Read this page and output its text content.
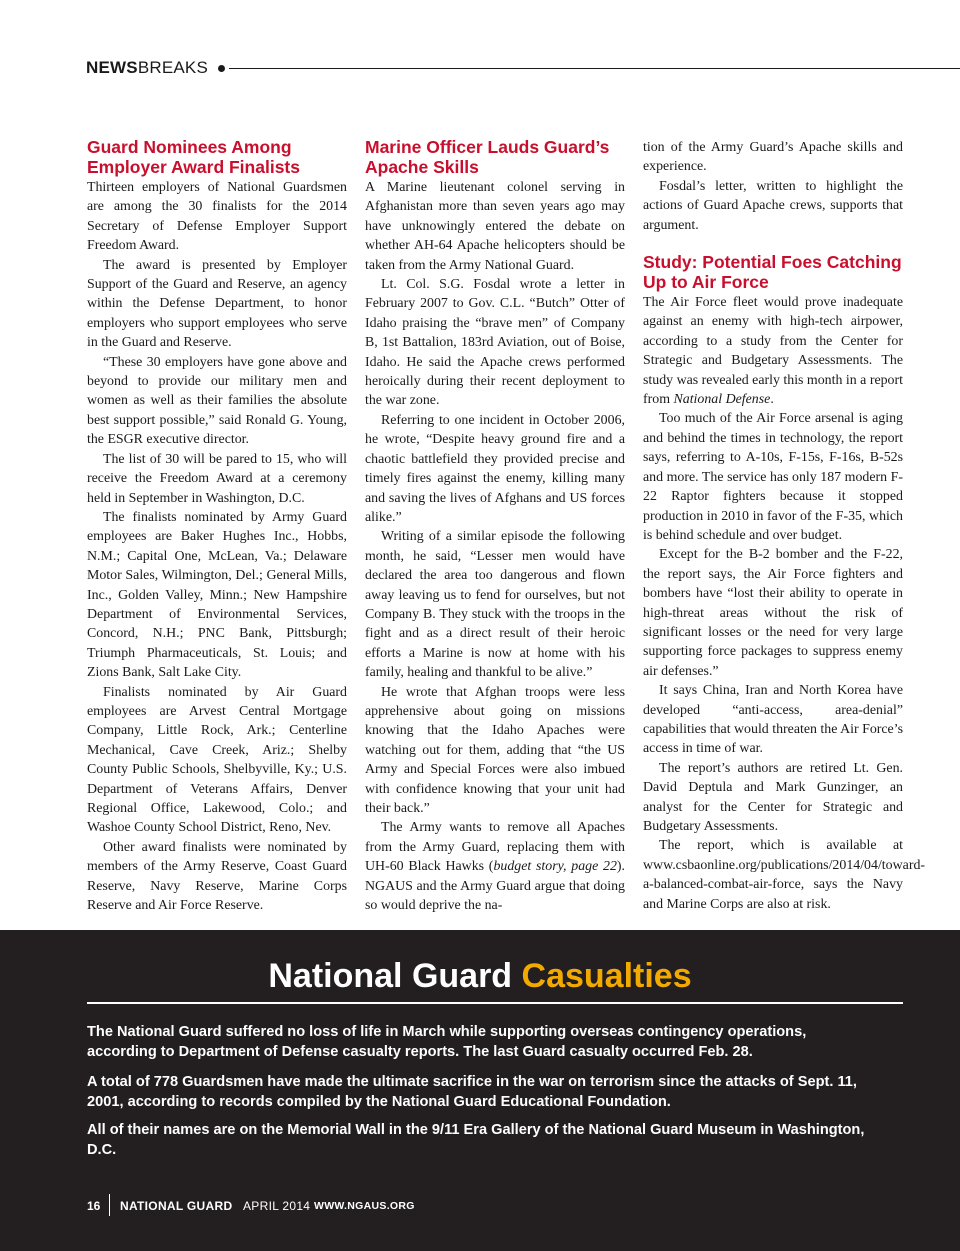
NEWSBREAKS
Guard Nominees Among Employer Award Finalists

Thirteen employers of National Guardsmen are among the 30 finalists for the 2014 Secretary of Defense Employer Support Freedom Award.

The award is presented by Employer Support of the Guard and Reserve, an agency within the Defense Department, to honor employers who support employees who serve in the Guard and Reserve.

“These 30 employers have gone above and beyond to provide our military men and women as well as their families the absolute best support possible,” said Ronald G. Young, the ESGR executive director.

The list of 30 will be pared to 15, who will receive the Freedom Award at a ceremony held in September in Washington, D.C.

The finalists nominated by Army Guard employees are Baker Hughes Inc., Hobbs, N.M.; Capital One, McLean, Va.; Delaware Motor Sales, Wilmington, Del.; General Mills, Inc., Golden Valley, Minn.; New Hampshire Department of Environmental Services, Concord, N.H.; PNC Bank, Pittsburgh; Triumph Pharmaceuticals, St. Louis; and Zions Bank, Salt Lake City.

Finalists nominated by Air Guard employees are Arvest Central Mortgage Company, Little Rock, Ark.; Centerline Mechanical, Cave Creek, Ariz.; Shelby County Public Schools, Shelbyville, Ky.; U.S. Department of Veterans Affairs, Denver Regional Office, Lakewood, Colo.; and Washoe County School District, Reno, Nev.

Other award finalists were nominated by members of the Army Reserve, Coast Guard Reserve, Navy Reserve, Marine Corps Reserve and Air Force Reserve.

Marine Officer Lauds Guard’s Apache Skills

A Marine lieutenant colonel serving in Afghanistan more than seven years ago may have unknowingly entered the debate on whether AH-64 Apache helicopters should be taken from the Army National Guard.

Lt. Col. S.G. Fosdal wrote a letter in February 2007 to Gov. C.L. “Butch” Otter of Idaho praising the “brave men” of Company B, 1st Battalion, 183rd Aviation, out of Boise, Idaho. He said the Apache crews performed heroically during their recent deployment to the war zone.

Referring to one incident in October 2006, he wrote, “Despite heavy ground fire and a chaotic battlefield they provided precise and timely fires against the enemy, killing many and saving the lives of Afghans and US forces alike.”

Writing of a similar episode the following month, he said, “Lesser men would have declared the area too dangerous and flown away leaving us to fend for ourselves, but not Company B. They stuck with the troops in the fight and as a direct result of their heroic efforts a Marine is now at home with his family, healing and thankful to be alive.”

He wrote that Afghan troops were less apprehensive about going on missions knowing that the Idaho Apaches were watching out for them, adding that “the US Army and Special Forces were also imbued with confidence knowing that your unit had their back.”

The Army wants to remove all Apaches from the Army Guard, replacing them with UH-60 Black Hawks (budget story, page 22). NGAUS and the Army Guard argue that doing so would deprive the na-

tion of the Army Guard’s Apache skills and experience.

Fosdal’s letter, written to highlight the actions of Guard Apache crews, supports that argument.

Study: Potential Foes Catching Up to Air Force

The Air Force fleet would prove inadequate against an enemy with high-tech airpower, according to a study from the Center for Strategic and Budgetary Assessments. The study was revealed early this month in a report from National Defense.

Too much of the Air Force arsenal is aging and behind the times in technology, the report says, referring to A-10s, F-15s, F-16s, B-52s and more. The service has only 187 modern F-22 Raptor fighters because it stopped production in 2010 in favor of the F-35, which is behind schedule and over budget.

Except for the B-2 bomber and the F-22, the report says, the Air Force fighters and bombers have “lost their ability to operate in high-threat areas without the risk of significant losses or the need for very large supporting force packages to suppress enemy air defenses.”

It says China, Iran and North Korea have developed “anti-access, area-denial” capabilities that would threaten the Air Force’s access in time of war.

The report’s authors are retired Lt. Gen. David Deptula and Mark Gunzinger, an analyst for the Center for Strategic and Budgetary Assessments.

The report, which is available at www.csbaonline.org/publications/2014/04/toward-a-balanced-combat-air-force, says the Navy and Marine Corps are also at risk.

National Guard Casualties

The National Guard suffered no loss of life in March while supporting overseas contingency operations, according to Department of Defense casualty reports. The last Guard casualty occurred Feb. 28.

A total of 778 Guardsmen have made the ultimate sacrifice in the war on terrorism since the attacks of Sept. 11, 2001, according to records compiled by the National Guard Educational Foundation.

All of their names are on the Memorial Wall in the 9/11 Era Gallery of the National Guard Museum in Washington, D.C.

16 NATIONAL GUARD APRIL 2014 WWW.NGAUS.ORG
